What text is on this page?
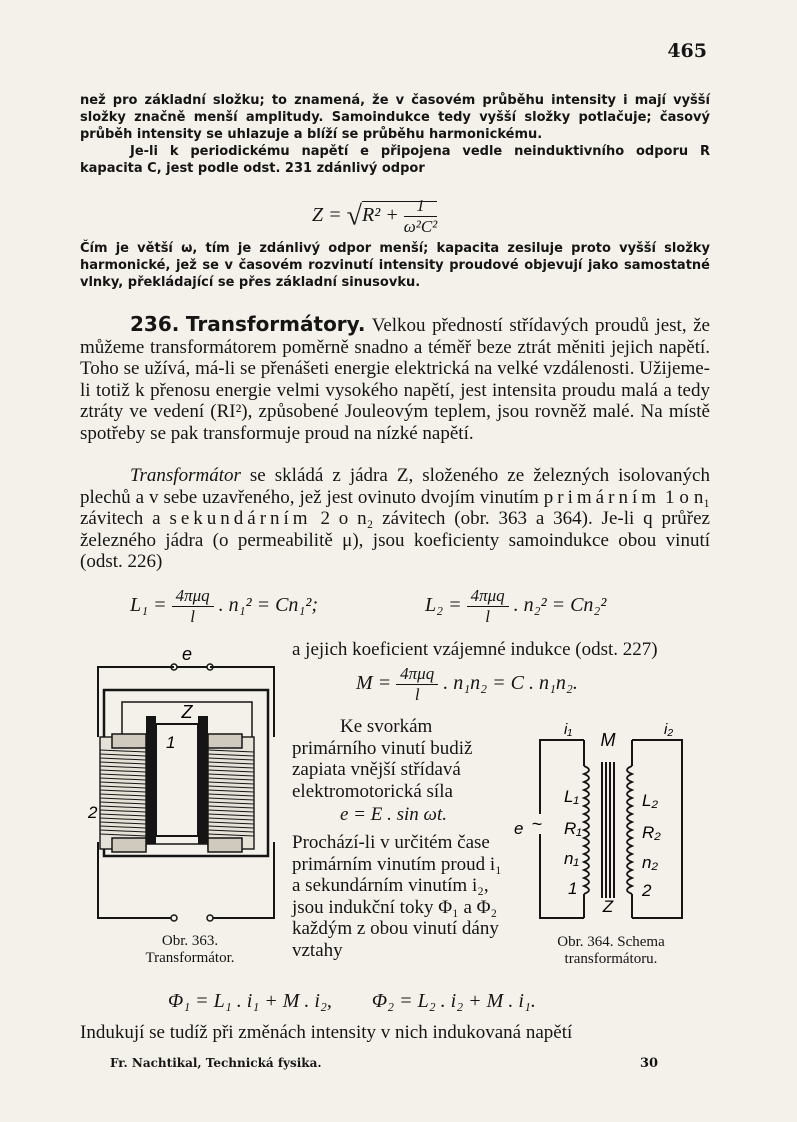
465
než pro základní složku; to znamená, že v časovém průběhu intensity i mají vyšší složky značně menší amplitudy. Samoindukce tedy vyšší složky potlačuje; časový průběh intensity se uhlazuje a blíží se průběhu harmonickému.
Je-li k periodickému napětí e připojena vedle neinduktivního odporu R kapacita C, jest podle odst. 231 zdánlivý odpor
$Z = √R^2 + \frac{1}{\text{ω²C²}}$
Čím je větší ω, tím je zdánlivý odpor menší; kapacita zesiluje proto vyšší složky harmonické, jež se v časovém rozvinutí intensity proudové objevují jako samostatné vlnky, překládající se přes základní sinusovku.
236. Transformátory. Velkou předností střídavých proudů jest, že můžeme transformátorem poměrně snadno a téměř beze ztrát měniti jejich napětí. Toho se užívá, má-li se přenášeti energie elektrická na velké vzdálenosti. Užijeme-li totiž k přenosu energie velmi vysokého napětí, jest intensita proudu malá a tedy ztráty ve vedení (RI²), způsobené Jouleovým teplem, jsou rovněž malé. Na místě spotřeby se pak transformuje proud na nízké napětí.
Transformátor se skládá z jádra Z, složeného ze železných isolovaných plechů a v sebe uzavřeného, jež jest ovinuto dvojím vinutím primárním 1 o n₁ závitech a sekundárním 2 o n₂ závitech (obr. 363 a 364). Je-li q průřez železného jádra (o permeabilitě μ), jsou koeficienty samoindukce obou vinutí (odst. 226)
$L_1 = \frac{\text{4πμq}}{l}$ . n₁² = Cn₁²;	$L_2 = \frac{\text{4πμq}}{l}$ . n₂² = Cn₂²
a jejich koeficient vzájemné indukce (odst. 227)
$M = \frac{\text{4πμq}}{l}$ . n₁n₂ = C . n₁n₂.
Ke svorkám primárního vinutí budiž zapiata vnější střídavá elektromotorická síla
e = E . sin ωt.
Prochází-li v určitém čase primárním vinutím proud i₁ a sekundárním vinutím i₂, jsou indukční toky Φ₁ a Φ₂ každým z obou vinutí dány vztahy
e
Z
1
2
Obr. 363.
Transformátor.
~
i₁	i₂
M
L₁
R₁
n₁
1
L₂
R₂
n₂
2
Z
e
Obr. 364. Schema
transformátoru.
Φ₁ = L₁ . i₁ + M . i₂,        Φ₂ = L₂ . i₂ + M . i₁.
Indukují se tudíž při změnách intensity v nich indukovaná napětí
Fr. Nachtikal, Technická fysika.	30
